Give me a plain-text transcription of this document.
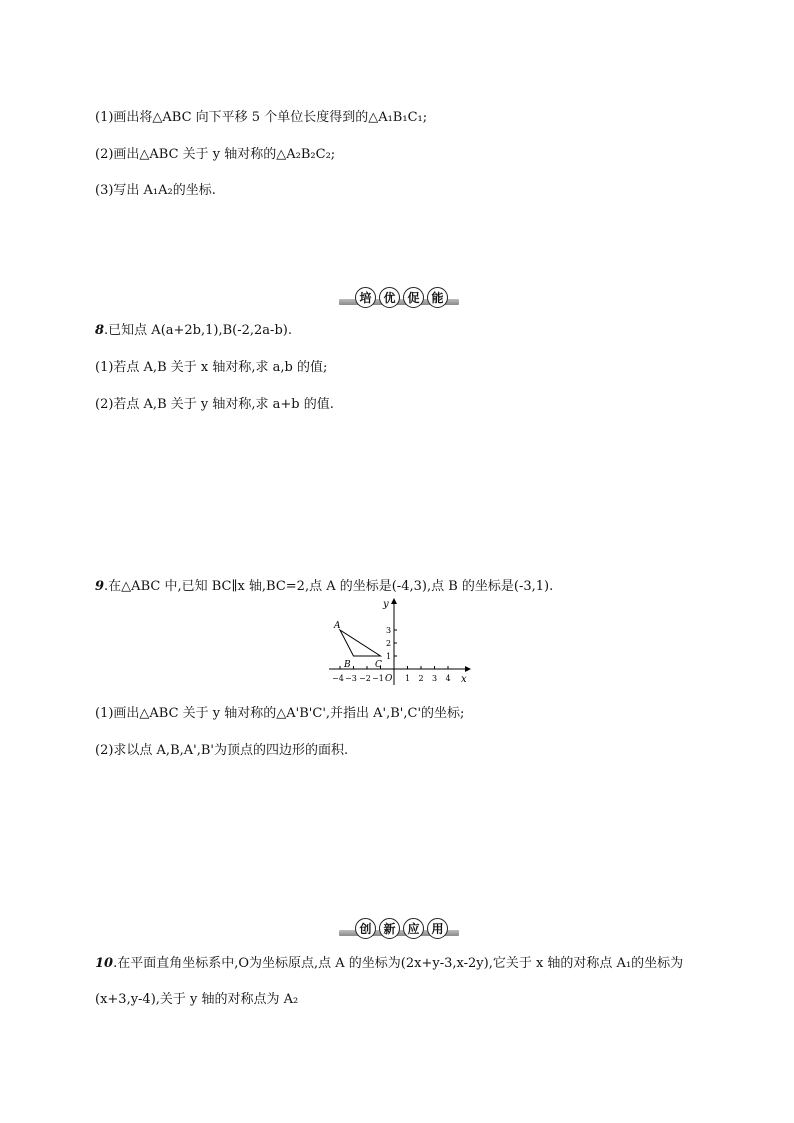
(1)画出将△ABC 向下平移 5 个单位长度得到的△A₁B₁C₁;
(2)画出△ABC 关于 y 轴对称的△A₂B₂C₂;
(3)写出 A₁A₂的坐标.
培 优 促 能
8.已知点 A(a+2b,1),B(-2,2a-b).
(1)若点 A,B 关于 x 轴对称,求 a,b 的值;
(2)若点 A,B 关于 y 轴对称,求 a+b 的值.
9.在△ABC 中,已知 BC∥x 轴,BC=2,点 A 的坐标是(-4,3),点 B 的坐标是(-3,1).
y
x
O
−4 −3 −2 −1	1 2 3 4
1
2
3
A
B	C
(1)画出△ABC 关于 y 轴对称的△A'B'C',并指出 A',B',C'的坐标;
(2)求以点 A,B,A',B'为顶点的四边形的面积.
创 新 应 用
10.在平面直角坐标系中,O为坐标原点,点 A 的坐标为(2x+y-3,x-2y),它关于 x 轴的对称点 A₁的坐标为
(x+3,y-4),关于 y 轴的对称点为 A₂
